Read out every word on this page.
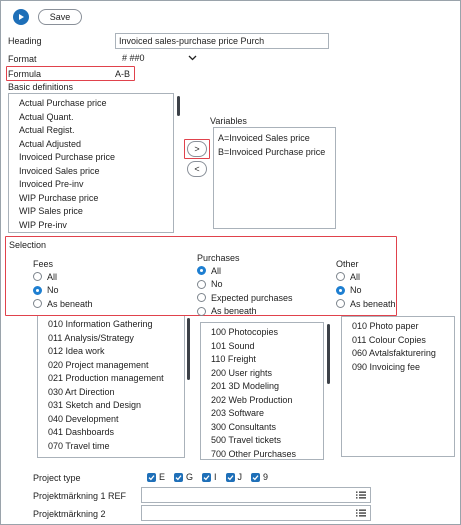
Save
Heading	Invoiced sales-purchase price Purch
Format	# ##0
Formula	A-B
Basic definitions
Actual Purchase price
Actual Quant.
Actual Regist.
Actual Adjusted
Invoiced Purchase price
Invoiced Sales price
Invoiced Pre-inv
WIP Purchase price
WIP Sales price
WIP Pre-inv
Variables
>
<
A=Invoiced Sales price
B=Invoiced Purchase price
Selection
Fees
All
No
As beneath
Purchases
All
No
Expected purchases
As beneath
Other
All
No
As beneath
010 Information Gathering
011 Analysis/Strategy
012 Idea work
020 Project management
021 Production management
030 Art Direction
031 Sketch and Design
040 Development
041 Dashboards
070 Travel time
100 Photocopies
101 Sound
110 Freight
200 User rights
201 3D Modeling
202 Web Production
203 Software
300 Consultants
500 Travel tickets
700 Other Purchases
010 Photo paper
011 Colour Copies
060 Avtalsfakturering
090 Invoicing fee
Project type	E G I J 9
Projektmärkning 1 REF
Projektmärkning 2
